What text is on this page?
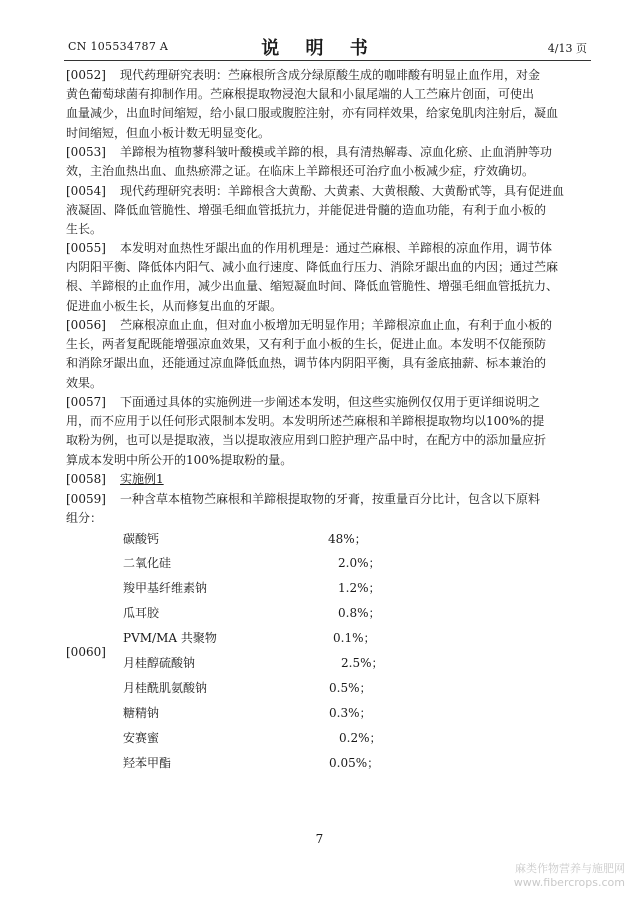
CN 105534787 A	说 明 书	4/13 页
[0052] 现代药理研究表明：苎麻根所含成分绿原酸生成的咖啡酸有明显止血作用，对金
黄色葡萄球菌有抑制作用。苎麻根提取物浸泡大鼠和小鼠尾端的人工苎麻片创面，可使出
血量减少，出血时间缩短，给小鼠口服或腹腔注射，亦有同样效果，给家兔肌肉注射后，凝血
时间缩短，但血小板计数无明显变化。
[0053] 羊蹄根为植物蓼科皱叶酸模或羊蹄的根，具有清热解毒、凉血化瘀、止血消肿等功
效，主治血热出血、血热瘀滞之证。在临床上羊蹄根还可治疗血小板减少症，疗效确切。
[0054] 现代药理研究表明：羊蹄根含大黄酚、大黄素、大黄根酸、大黄酚甙等，具有促进血
液凝固、降低血管脆性、增强毛细血管抵抗力，并能促进骨髓的造血功能，有利于血小板的
生长。
[0055] 本发明对血热性牙龈出血的作用机理是：通过苎麻根、羊蹄根的凉血作用，调节体
内阴阳平衡、降低体内阳气、减小血行速度、降低血行压力、消除牙龈出血的内因；通过苎麻
根、羊蹄根的止血作用，减少出血量、缩短凝血时间、降低血管脆性、增强毛细血管抵抗力、
促进血小板生长，从而修复出血的牙龈。
[0056] 苎麻根凉血止血，但对血小板增加无明显作用；羊蹄根凉血止血，有利于血小板的
生长，两者复配既能增强凉血效果，又有利于血小板的生长，促进止血。本发明不仅能预防
和消除牙龈出血，还能通过凉血降低血热，调节体内阴阳平衡，具有釜底抽薪、标本兼治的
效果。
[0057] 下面通过具体的实施例进一步阐述本发明，但这些实施例仅仅用于更详细说明之
用，而不应用于以任何形式限制本发明。本发明所述苎麻根和羊蹄根提取物均以100%的提
取粉为例，也可以是提取液，当以提取液应用到口腔护理产品中时，在配方中的添加量应折
算成本发明中所公开的100%提取粉的量。
[0058] 实施例1
[0059] 一种含草本植物苎麻根和羊蹄根提取物的牙膏，按重量百分比计，包含以下原料
组分：
[0060]
碳酸钙	48%；
二氧化硅	2.0%；
羧甲基纤维素钠	1.2%；
瓜耳胶	0.8%；
PVM/MA 共聚物	0.1%；
月桂醇硫酸钠	2.5%；
月桂酰肌氨酸钠	0.5%；
糖精钠	0.3%；
安赛蜜	0.2%；
羟苯甲酯	0.05%；
7
麻类作物营养与施肥网
www.fibercrops.com
